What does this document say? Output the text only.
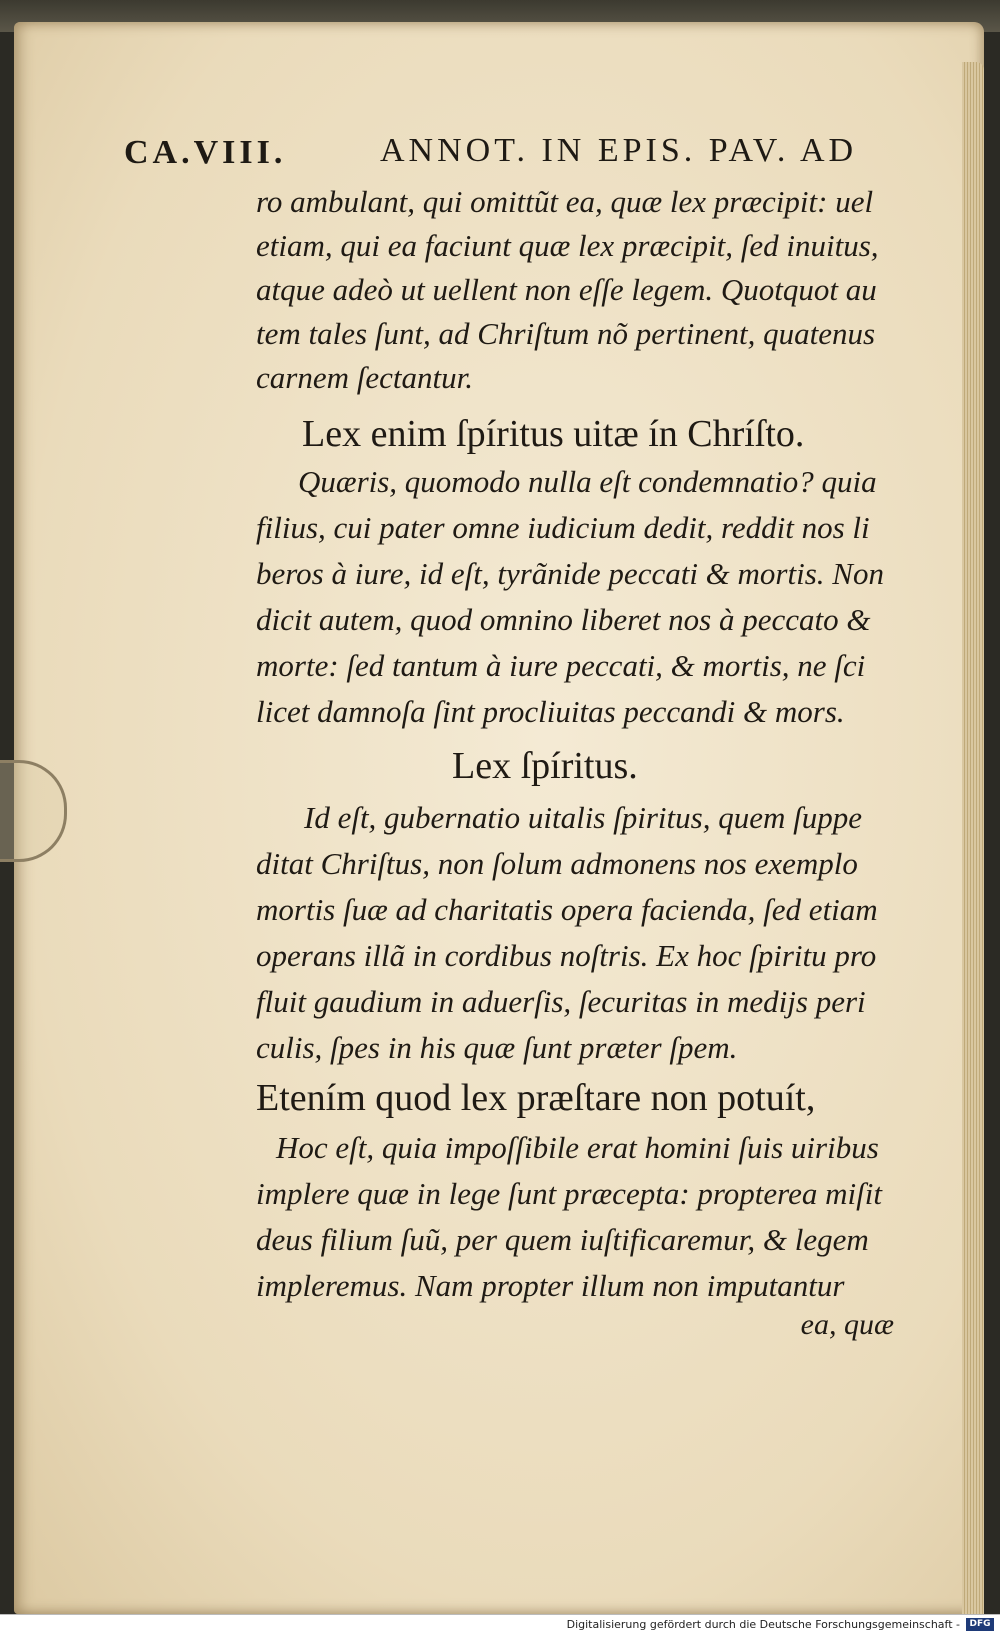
CA.VIII.	ANNOT. IN EPIS. PAV. AD
ro ambulant, qui omittũt ea, quæ lex præcipit: uel
etiam, qui ea faciunt quæ lex præcipit, ſed inuitus,
atque adeò ut uellent non eſſe legem. Quotquot au
tem tales ſunt, ad Chriſtum nõ pertinent, quatenus
carnem ſectantur.
Lex enim ſpíritus uitæ ín Chríſto.
Quæris, quomodo nulla eſt condemnatio? quia
filius, cui pater omne iudicium dedit, reddit nos li
beros à iure, id eſt, tyrãnide peccati & mortis. Non
dicit autem, quod omnino liberet nos à peccato &
morte: ſed tantum à iure peccati, & mortis, ne ſci
licet damnoſa ſint procliuitas peccandi & mors.
Lex ſpíritus.
Id eſt, gubernatio uitalis ſpiritus, quem ſuppe
ditat Chriſtus, non ſolum admonens nos exemplo
mortis ſuæ ad charitatis opera facienda, ſed etiam
operans illã in cordibus noſtris. Ex hoc ſpiritu pro
fluit gaudium in aduerſis, ſecuritas in medijs peri
culis, ſpes in his quæ ſunt præter ſpem.
Etením quod lex præſtare non potuít,
Hoc eſt, quia impoſſibile erat homini ſuis uiribus
implere quæ in lege ſunt præcepta: propterea miſit
deus filium ſuũ, per quem iuſtificaremur, & legem
impleremus. Nam propter illum non imputantur
ea, quæ
Digitalisierung gefördert durch die Deutsche Forschungsgemeinschaft -	DFG
